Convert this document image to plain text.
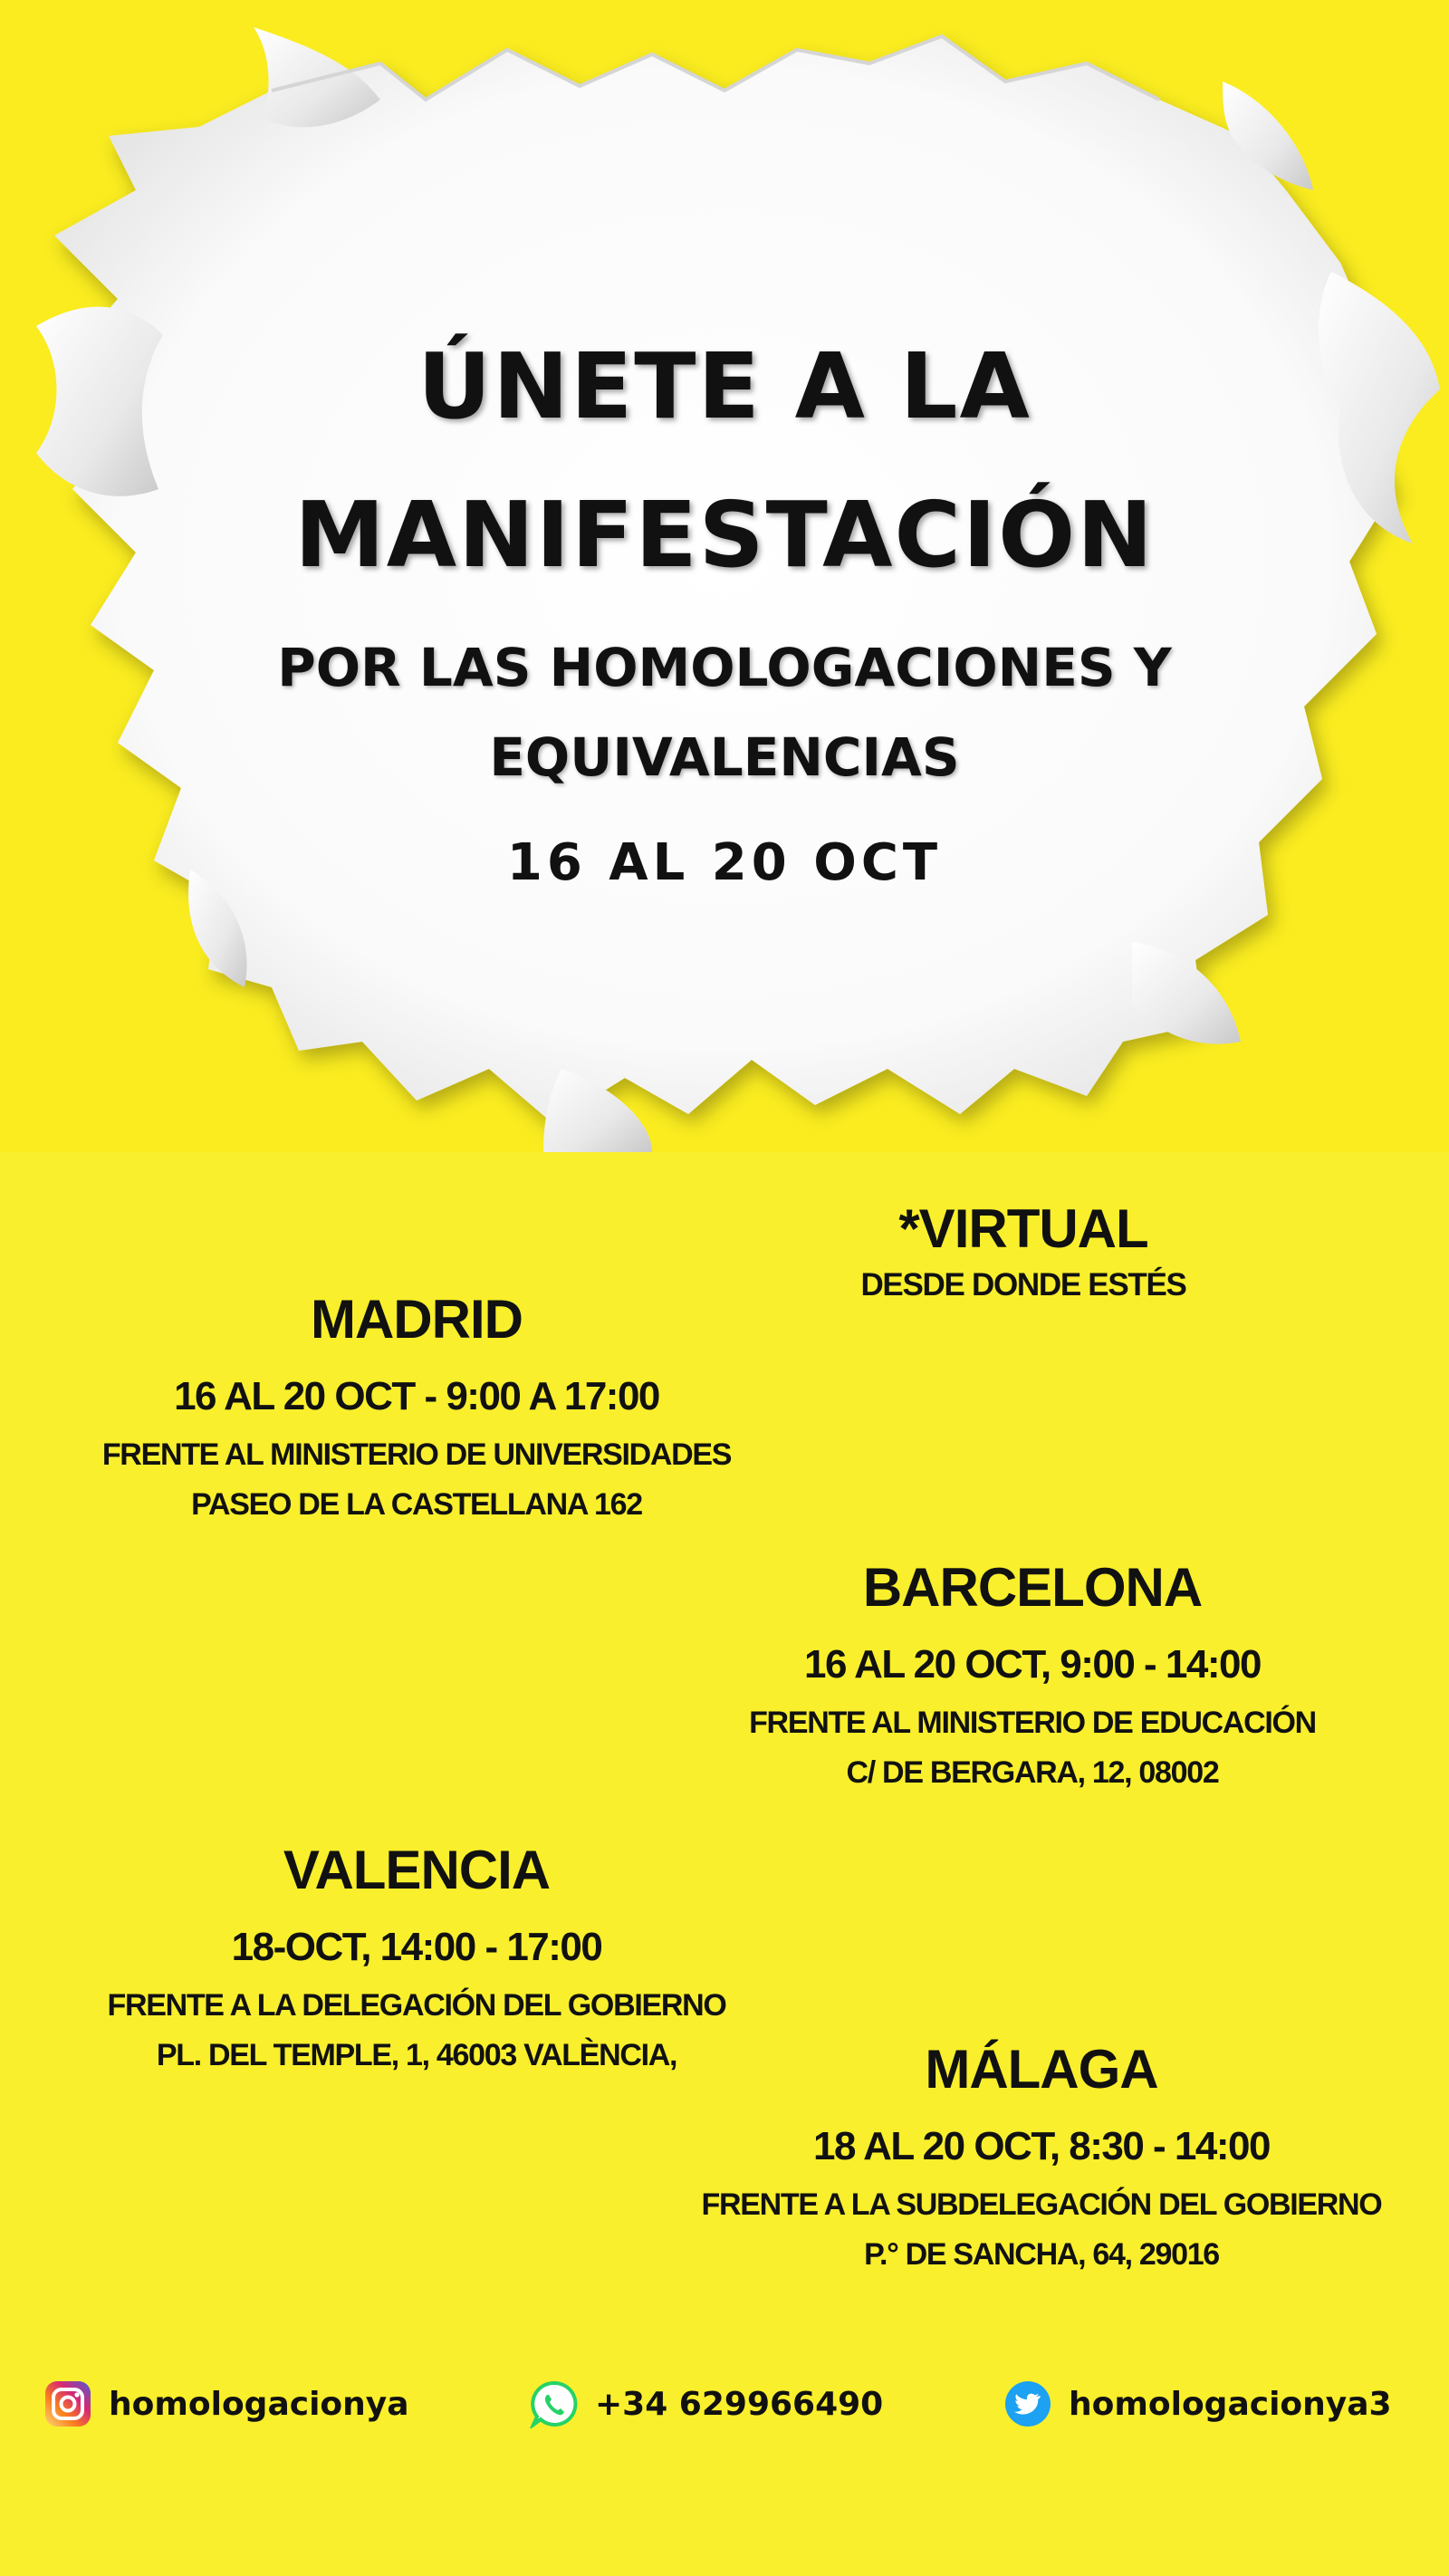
ÚNETE A LA
MANIFESTACIÓN
POR LAS HOMOLOGACIONES Y
EQUIVALENCIAS
16 AL 20 OCT
*VIRTUAL
DESDE DONDE ESTÉS
MADRID
16 AL 20 OCT - 9:00 A 17:00
FRENTE AL MINISTERIO DE UNIVERSIDADES
PASEO DE LA CASTELLANA 162
BARCELONA
16 AL 20 OCT, 9:00 - 14:00
FRENTE AL MINISTERIO DE EDUCACIÓN
C/ DE BERGARA, 12, 08002
VALENCIA
18-OCT, 14:00 - 17:00
FRENTE A LA DELEGACIÓN DEL GOBIERNO
PL. DEL TEMPLE, 1, 46003 VALÈNCIA,	MÁLAGA
18 AL 20 OCT, 8:30 - 14:00
FRENTE A LA SUBDELEGACIÓN DEL GOBIERNO
P.° DE SANCHA, 64, 29016
homologacionya	+34 629966490	homologacionya3
